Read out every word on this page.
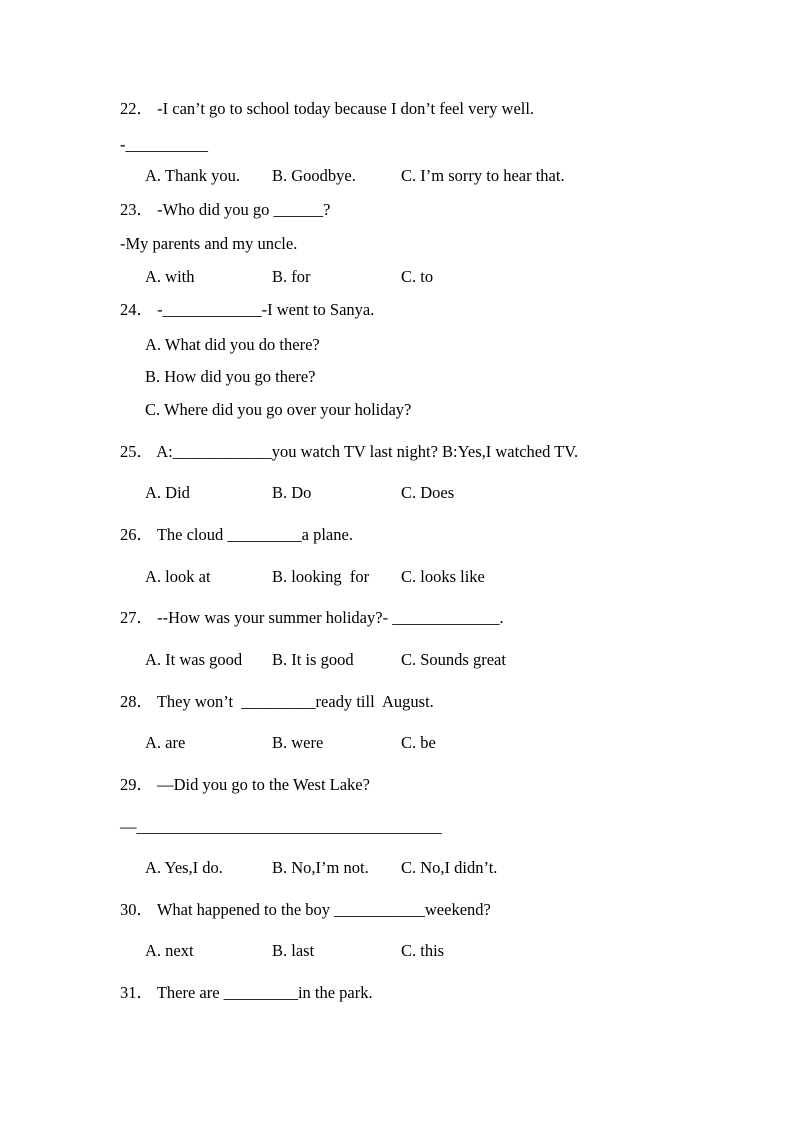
22． -I can’t go to school today because I don’t feel very well.
-__________
A. Thank you. B. Goodbye.	C. I’m sorry to hear that.
23． -Who did you go ______?
-My parents and my uncle.
A. with	B. for	C. to
24． -____________-I went to Sanya.
A. What did you do there?
B. How did you go there?
C. Where did you go over your holiday?
25． A:____________you watch TV last night? B:Yes,I watched TV.
A. Did	B. Do	C. Does
26． The cloud _________a plane.
A. look at	B. looking  for C. looks like
27． --How was your summer holiday?- _____________.
A. It was good B. It is good	C. Sounds great
28． They won’t  _________ready till  August.
A. are	B. were	C. be
29． —Did you go to the West Lake?
—_____________________________________
A. Yes,I do.	B. No,I’m not. C. No,I didn’t.
30． What happened to the boy ___________weekend?
A. next	B. last	C. this
31． There are _________in the park.
